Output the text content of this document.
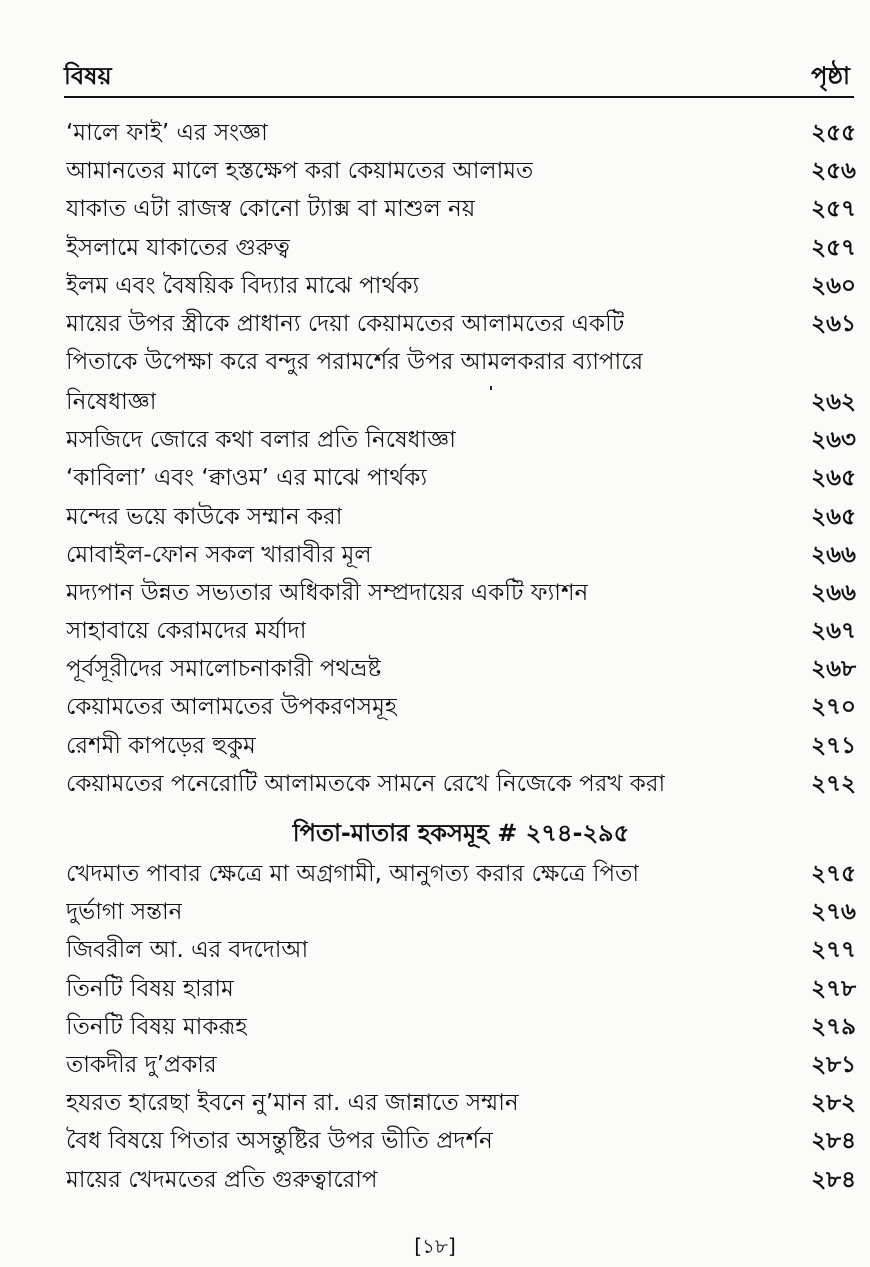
বিষয়	পৃষ্ঠা
‘মালে ফাই’ এর সংজ্ঞা	২৫৫
আমানতের মালে হস্তক্ষেপ করা কেয়ামতের আলামত	২৫৬
যাকাত এটা রাজস্ব কোনো ট্যাক্স বা মাশুল নয়	২৫৭
ইসলামে যাকাতের গুরুত্ব	২৫৭
ইলম এবং বৈষয়িক বিদ্যার মাঝে পার্থক্য	২৬০
মায়ের উপর স্ত্রীকে প্রাধান্য দেয়া কেয়ামতের আলামতের একটি	২৬১
পিতাকে উপেক্ষা করে বন্দুর পরামর্শের উপর আমলকরার ব্যাপারে
নিষেধাজ্ঞা	২৬২
মসজিদে জোরে কথা বলার প্রতি নিষেধাজ্ঞা	২৬৩
‘কাবিলা’ এবং ‘ক্বাওম’ এর মাঝে পার্থক্য	২৬৫
মন্দের ভয়ে কাউকে সম্মান করা	২৬৫
মোবাইল-ফোন সকল খারাবীর মূল	২৬৬
মদ্যপান উন্নত সভ্যতার অধিকারী সম্প্রদায়ের একটি ফ্যাশন	২৬৬
সাহাবায়ে কেরামদের মর্যাদা	২৬৭
পূর্বসূরীদের সমালোচনাকারী পথভ্রষ্ট	২৬৮
কেয়ামতের আলামতের উপকরণসমূহ	২৭০
রেশমী কাপড়ের হুকুম	২৭১
কেয়ামতের পনেরোটি আলামতকে সামনে রেখে নিজেকে পরখ করা	২৭২
পিতা-মাতার হকসমূহ # ২৭৪-২৯৫
খেদমাত পাবার ক্ষেত্রে মা অগ্রগামী, আনুগত্য করার ক্ষেত্রে পিতা	২৭৫
দুর্ভাগা সন্তান	২৭৬
জিবরীল আ. এর বদদোআ	২৭৭
তিনটি বিষয় হারাম	২৭৮
তিনটি বিষয় মাকরূহ	২৭৯
তাকদীর দু’প্রকার	২৮১
হযরত হারেছা ইবনে নু’মান রা. এর জান্নাতে সম্মান	২৮২
বৈধ বিষয়ে পিতার অসন্তুষ্টির উপর ভীতি প্রদর্শন	২৮৪
মায়ের খেদমতের প্রতি গুরুত্বারোপ	২৮৪
[১৮]
